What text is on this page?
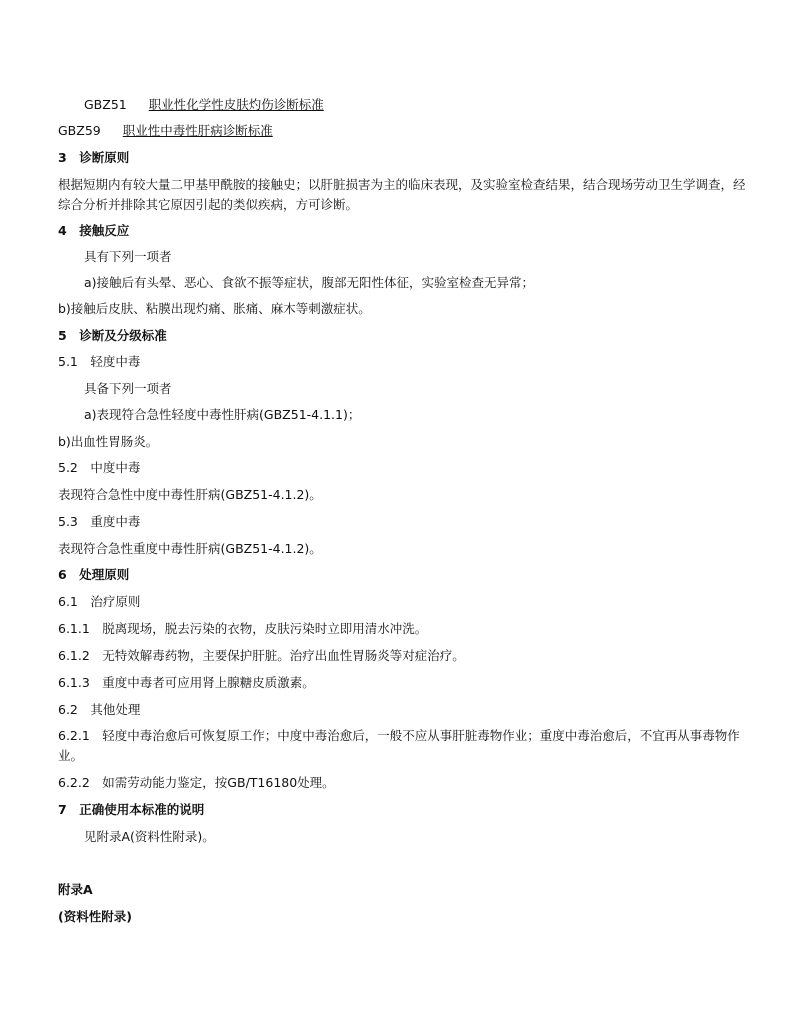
GBZ51 职业性化学性皮肤灼伤诊断标准
GBZ59 职业性中毒性肝病诊断标准
3　诊断原则
根据短期内有较大量二甲基甲酰胺的接触史；以肝脏损害为主的临床表现，及实验室检查结果，结合现场劳动卫生学调查，经综合分析并排除其它原因引起的类似疾病，方可诊断。
4　接触反应
具有下列一项者
a)接触后有头晕、恶心、食欲不振等症状，腹部无阳性体征，实验室检查无异常；
b)接触后皮肤、粘膜出现灼痛、胀痛、麻木等刺激症状。
5　诊断及分级标准
5.1　轻度中毒
具备下列一项者
a)表现符合急性轻度中毒性肝病(GBZ51-4.1.1)；
b)出血性胃肠炎。
5.2　中度中毒
表现符合急性中度中毒性肝病(GBZ51-4.1.2)。
5.3　重度中毒
表现符合急性重度中毒性肝病(GBZ51-4.1.2)。
6　处理原则
6.1　治疗原则
6.1.1　脱离现场，脱去污染的衣物，皮肤污染时立即用清水冲洗。
6.1.2　无特效解毒药物，主要保护肝脏。治疗出血性胃肠炎等对症治疗。
6.1.3　重度中毒者可应用肾上腺糖皮质激素。
6.2　其他处理
6.2.1　轻度中毒治愈后可恢复原工作；中度中毒治愈后，一般不应从事肝脏毒物作业；重度中毒治愈后，不宜再从事毒物作业。
6.2.2　如需劳动能力鉴定，按GB/T16180处理。
7　正确使用本标准的说明
见附录A(资料性附录)。
附录A
(资料性附录)
